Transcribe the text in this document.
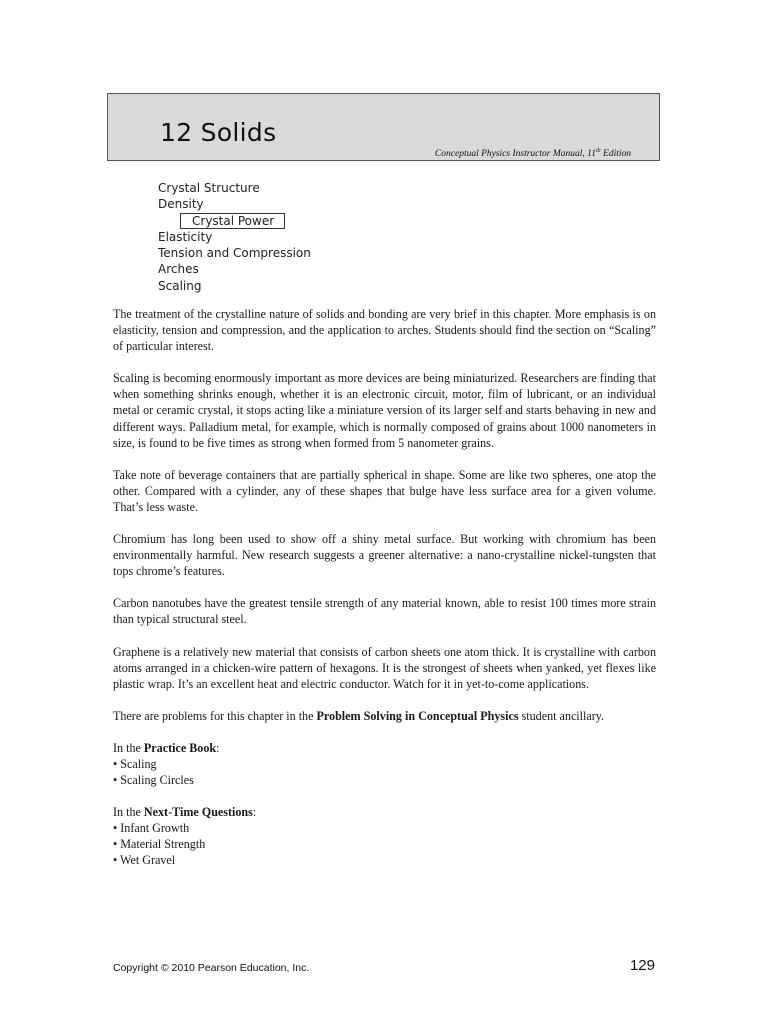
12 Solids

Conceptual Physics Instructor Manual, 11th Edition

Crystal Structure
Density
Crystal Power
Elasticity
Tension and Compression
Arches
Scaling

The treatment of the crystalline nature of solids and bonding are very brief in this chapter. More emphasis is on elasticity, tension and compression, and the application to arches. Students should find the section on “Scaling” of particular interest.

Scaling is becoming enormously important as more devices are being miniaturized. Researchers are finding that when something shrinks enough, whether it is an electronic circuit, motor, film of lubricant, or an individual metal or ceramic crystal, it stops acting like a miniature version of its larger self and starts behaving in new and different ways. Palladium metal, for example, which is normally composed of grains about 1000 nanometers in size, is found to be five times as strong when formed from 5 nanometer grains.

Take note of beverage containers that are partially spherical in shape. Some are like two spheres, one atop the other. Compared with a cylinder, any of these shapes that bulge have less surface area for a given volume. That’s less waste.

Chromium has long been used to show off a shiny metal surface. But working with chromium has been environmentally harmful. New research suggests a greener alternative: a nano-crystalline nickel-tungsten that tops chrome’s features.

Carbon nanotubes have the greatest tensile strength of any material known, able to resist 100 times more strain than typical structural steel.

Graphene is a relatively new material that consists of carbon sheets one atom thick. It is crystalline with carbon atoms arranged in a chicken-wire pattern of hexagons. It is the strongest of sheets when yanked, yet flexes like plastic wrap. It’s an excellent heat and electric conductor. Watch for it in yet-to-come applications.

There are problems for this chapter in the Problem Solving in Conceptual Physics student ancillary.

In the Practice Book:

• Scaling
• Scaling Circles

In the Next-Time Questions:

• Infant Growth
• Material Strength
• Wet Gravel

Copyright © 2010 Pearson Education, Inc.	129
